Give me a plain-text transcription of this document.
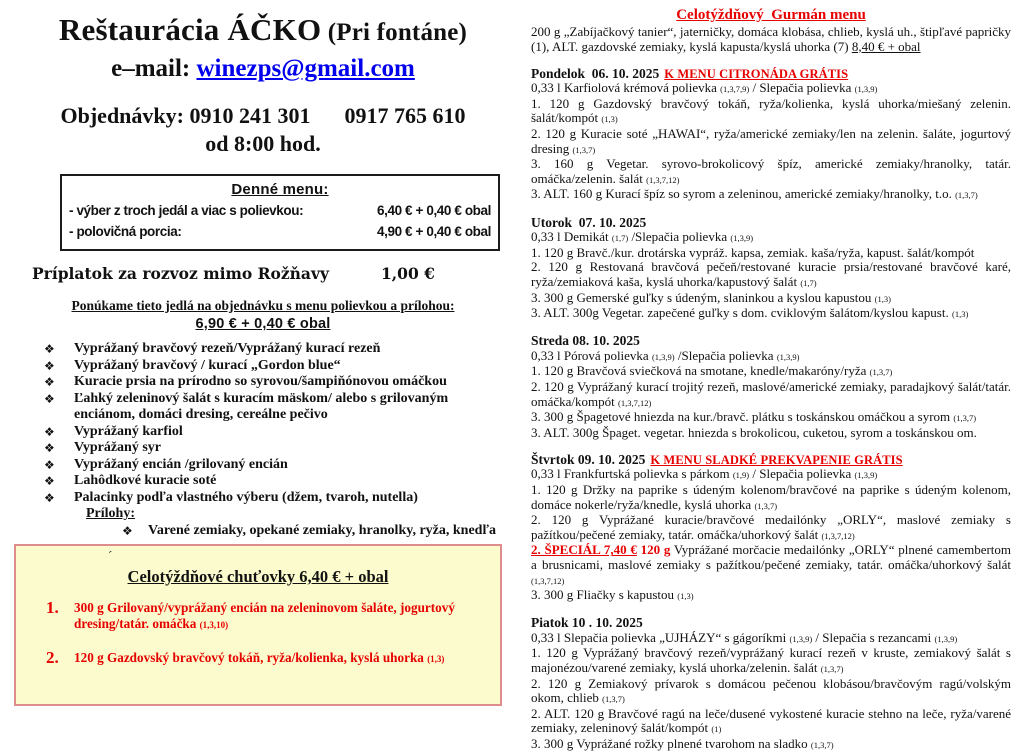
Reštaurácia ÁČKO (Pri fontáne)
e–mail: winezps@gmail.com
Objednávky: 0910 241 301 0917 765 610
od 8:00 hod.
Denné menu:
- výber z troch jedál a viac s polievkou:	6,40 € + 0,40 € obal
- polovičná porcia:	4,90 € + 0,40 € obal
Príplatok za rozvoz mimo Rožňavy	1,00 €
Ponúkame tieto jedlá na objednávku s menu polievkou a prílohou:
6,90 € + 0,40 € obal
❖	Vyprážaný bravčový rezeň/Vyprážaný kurací rezeň
❖	Vyprážaný bravčový / kurací „Gordon blue“
❖	Kuracie prsia na prírodno so syrovou/šampiňónovou omáčkou
❖	Ľahký zeleninový šalát s kuracím mäskom/ alebo s grilovaným enciánom, domáci dresing, cereálne pečivo
❖	Vyprážaný karfiol
❖	Vyprážaný syr
❖	Vyprážaný encián /grilovaný encián
❖	Lahôdkové kuracie soté
❖	Palacinky podľa vlastného výberu (džem, tvaroh, nutella)
Prílohy:
❖	Varené zemiaky, opekané zemiaky, hranolky, ryža, knedľa
´
Celotýždňové chuťovky 6,40 € + obal
1.	300 g Grilovaný/vyprážaný encián na zeleninovom šaláte, jogurtový dresing/tatár. omáčka (1,3,10)
2.	120 g Gazdovský bravčový tokáň, ryža/kolienka, kyslá uhorka (1,3)
Celotýždňový  Gurmán menu

200 g „Zabíjačkový tanier“, jaterničky, domáca klobása, chlieb, kyslá uh., štipľavé papričky (1), ALT. gazdovské zemiaky, kyslá kapusta/kyslá uhorka (7) 8,40 € + obal

Pondelok  06. 10. 2025 K MENU CITRONÁDA GRÁTIS

0,33 l Karfiolová krémová polievka (1,3,7,9) / Slepačia polievka (1,3,9)

1. 120 g Gazdovský bravčový tokáň, ryža/kolienka, kyslá uhorka/miešaný zelenin. šalát/kompót (1,3)

2. 120 g Kuracie soté „HAWAI“, ryža/americké zemiaky/len na zelenin. šaláte, jogurtový dresing (1,3,7)

3. 160 g Vegetar. syrovo-brokolicový špíz, americké zemiaky/hranolky, tatár. omáčka/zelenin. šalát (1,3,7,12)

3. ALT. 160 g Kurací špíz so syrom a zeleninou, americké zemiaky/hranolky, t.o. (1,3,7)

Utorok  07. 10. 2025

0,33 l Demikát (1,7) /Slepačia polievka (1,3,9)

1. 120 g Bravč./kur. drotárska vypráž. kapsa, zemiak. kaša/ryža, kapust. šalát/kompót

2. 120 g Restovaná bravčová pečeň/restované kuracie prsia/restované bravčové karé, ryža/zemiaková kaša, kyslá uhorka/kapustový šalát (1,7)

3. 300 g Gemerské guľky s údeným, slaninkou a kyslou kapustou (1,3)

3. ALT. 300g Vegetar. zapečené guľky s dom. cviklovým šalátom/kyslou kapust. (1,3)

Streda 08. 10. 2025

0,33 l Pórová polievka (1,3,9) /Slepačia polievka (1,3,9)

1. 120 g Bravčová sviečková na smotane, knedle/makaróny/ryža (1,3,7)

2. 120 g Vyprážaný kurací trojitý rezeň, maslové/americké zemiaky, paradajkový šalát/tatár. omáčka/kompót (1,3,7,12)

3. 300 g Špagetové hniezda na kur./bravč. plátku s toskánskou omáčkou a syrom (1,3,7)

3. ALT. 300g Špaget. vegetar. hniezda s brokolicou, cuketou, syrom a toskánskou om.

Štvrtok 09. 10. 2025 K MENU SLADKÉ PREKVAPENIE GRÁTIS

0,33 l Frankfurtská polievka s párkom (1,9) / Slepačia polievka (1,3,9)

1. 120 g Držky na paprike s údeným kolenom/bravčové na paprike s údeným kolenom, domáce nokerle/ryža/knedle, kyslá uhorka (1,3,7)

2. 120 g Vyprážané kuracie/bravčové medailónky „ORLY“, maslové zemiaky s pažítkou/pečené zemiaky, tatár. omáčka/uhorkový šalát (1,3,7,12)

2. ŠPECIÁL 7,40 € 120 g Vyprážané morčacie medailónky „ORLY“ plnené camembertom a brusnicami, maslové zemiaky s pažítkou/pečené zemiaky, tatár. omáčka/uhorkový šalát (1,3,7,12)

3. 300 g Fliačky s kapustou (1,3)

Piatok 10 . 10. 2025

0,33 l Slepačia polievka „UJHÁZY“ s gágoríkmi (1,3,9) / Slepačia s rezancami (1,3,9)

1. 120 g Vyprážaný bravčový rezeň/vyprážaný kurací rezeň v kruste, zemiakový šalát s majonézou/varené zemiaky, kyslá uhorka/zelenin. šalát (1,3,7)

2. 120 g Zemiakový prívarok s domácou pečenou klobásou/bravčovým ragú/volským okom, chlieb (1,3,7)

2. ALT. 120 g Bravčové ragú na leče/dusené vykostené kuracie stehno na leče, ryža/varené zemiaky, zeleninový šalát/kompót (1)

3. 300 g Vyprážané rožky plnené tvarohom na sladko (1,3,7)
